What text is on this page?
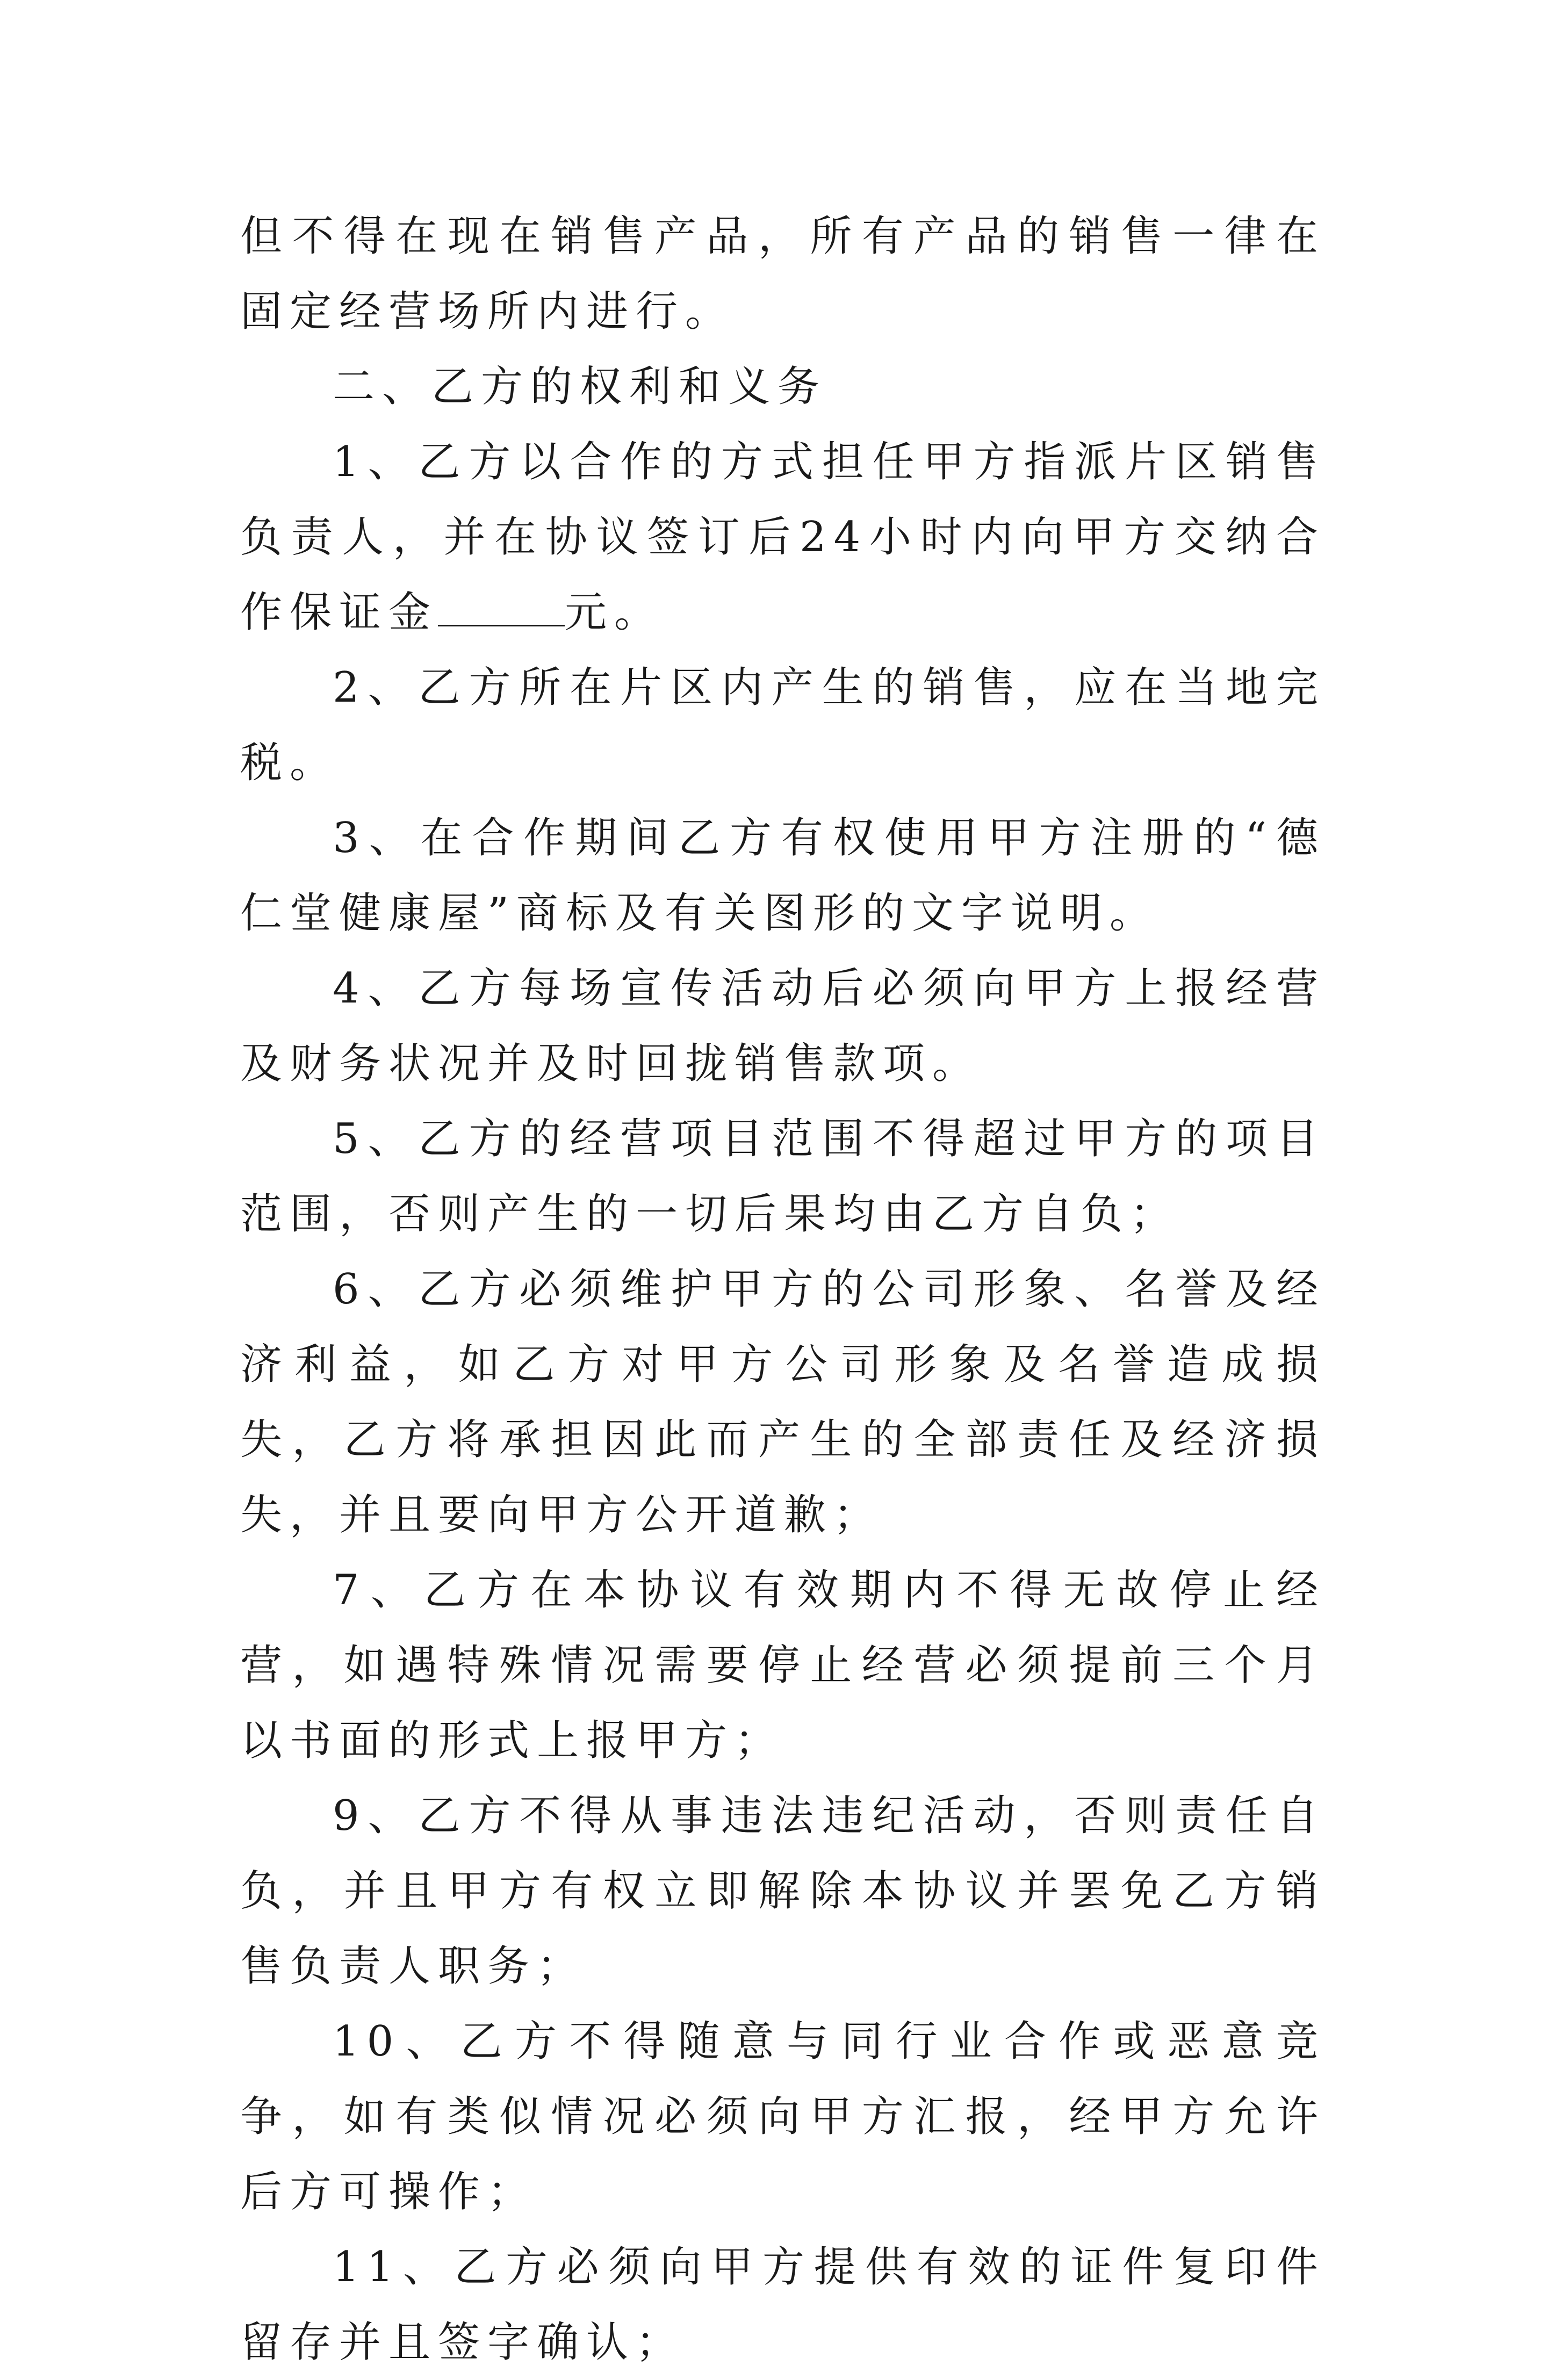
但不得在现在销售产品，所有产品的销售一律在固定经营场所内进行。

二、乙方的权利和义务

1、乙方以合作的方式担任甲方指派片区销售负责人，并在协议签订后24小时内向甲方交纳合作保证金	元。

2、乙方所在片区内产生的销售，应在当地完税。

3、在合作期间乙方有权使用甲方注册的“德仁堂健康屋”商标及有关图形的文字说明。

4、乙方每场宣传活动后必须向甲方上报经营及财务状况并及时回拢销售款项。

5、乙方的经营项目范围不得超过甲方的项目范围，否则产生的一切后果均由乙方自负；

6、乙方必须维护甲方的公司形象、名誉及经济利益，如乙方对甲方公司形象及名誉造成损失，乙方将承担因此而产生的全部责任及经济损失，并且要向甲方公开道歉；

7、乙方在本协议有效期内不得无故停止经营，如遇特殊情况需要停止经营必须提前三个月以书面的形式上报甲方；

9、乙方不得从事违法违纪活动，否则责任自负，并且甲方有权立即解除本协议并罢免乙方销售负责人职务；

10、乙方不得随意与同行业合作或恶意竞争，如有类似情况必须向甲方汇报，经甲方允许后方可操作；

11、乙方必须向甲方提供有效的证件复印件留存并且签字确认；
